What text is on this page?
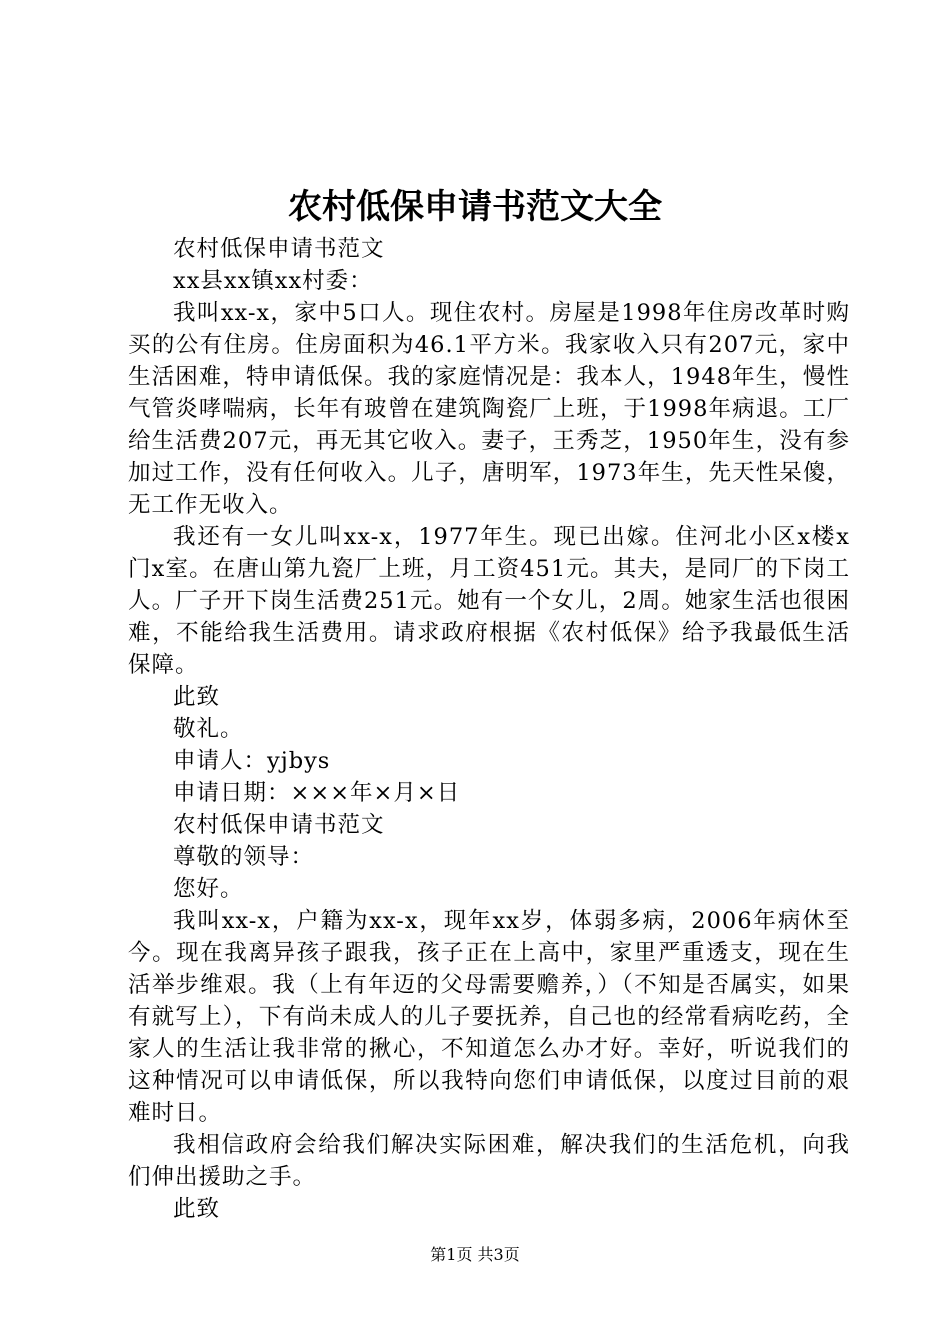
农村低保申请书范文大全

农村低保申请书范文

xx县xx镇xx村委：

我叫xx-x，家中5口人。现住农村。房屋是1998年住房改革时购买的公有住房。住房面积为46.1平方米。我家收入只有207元，家中生活困难，特申请低保。我的家庭情况是：我本人，1948年生，慢性气管炎哮喘病，长年有玻曾在建筑陶瓷厂上班，于1998年病退。工厂给生活费207元，再无其它收入。妻子，王秀芝，1950年生，没有参加过工作，没有任何收入。儿子，唐明军，1973年生，先天性呆傻，无工作无收入。

我还有一女儿叫xx-x，1977年生。现已出嫁。住河北小区x楼x门x室。在唐山第九瓷厂上班，月工资451元。其夫，是同厂的下岗工人。厂子开下岗生活费251元。她有一个女儿，2周。她家生活也很困难，不能给我生活费用。请求政府根据《农村低保》给予我最低生活保障。

此致

敬礼。

申请人：yjbys

申请日期：×××年×月×日

农村低保申请书范文

尊敬的领导：

您好。

我叫xx-x，户籍为xx-x，现年xx岁，体弱多病，2006年病休至今。现在我离异孩子跟我，孩子正在上高中，家里严重透支，现在生活举步维艰。我（上有年迈的父母需要赡养，）（不知是否属实，如果有就写上），下有尚未成人的儿子要抚养，自己也的经常看病吃药，全家人的生活让我非常的揪心，不知道怎么办才好。幸好，听说我们的这种情况可以申请低保，所以我特向您们申请低保，以度过目前的艰难时日。

我相信政府会给我们解决实际困难，解决我们的生活危机，向我们伸出援助之手。

此致

第1页 共3页
